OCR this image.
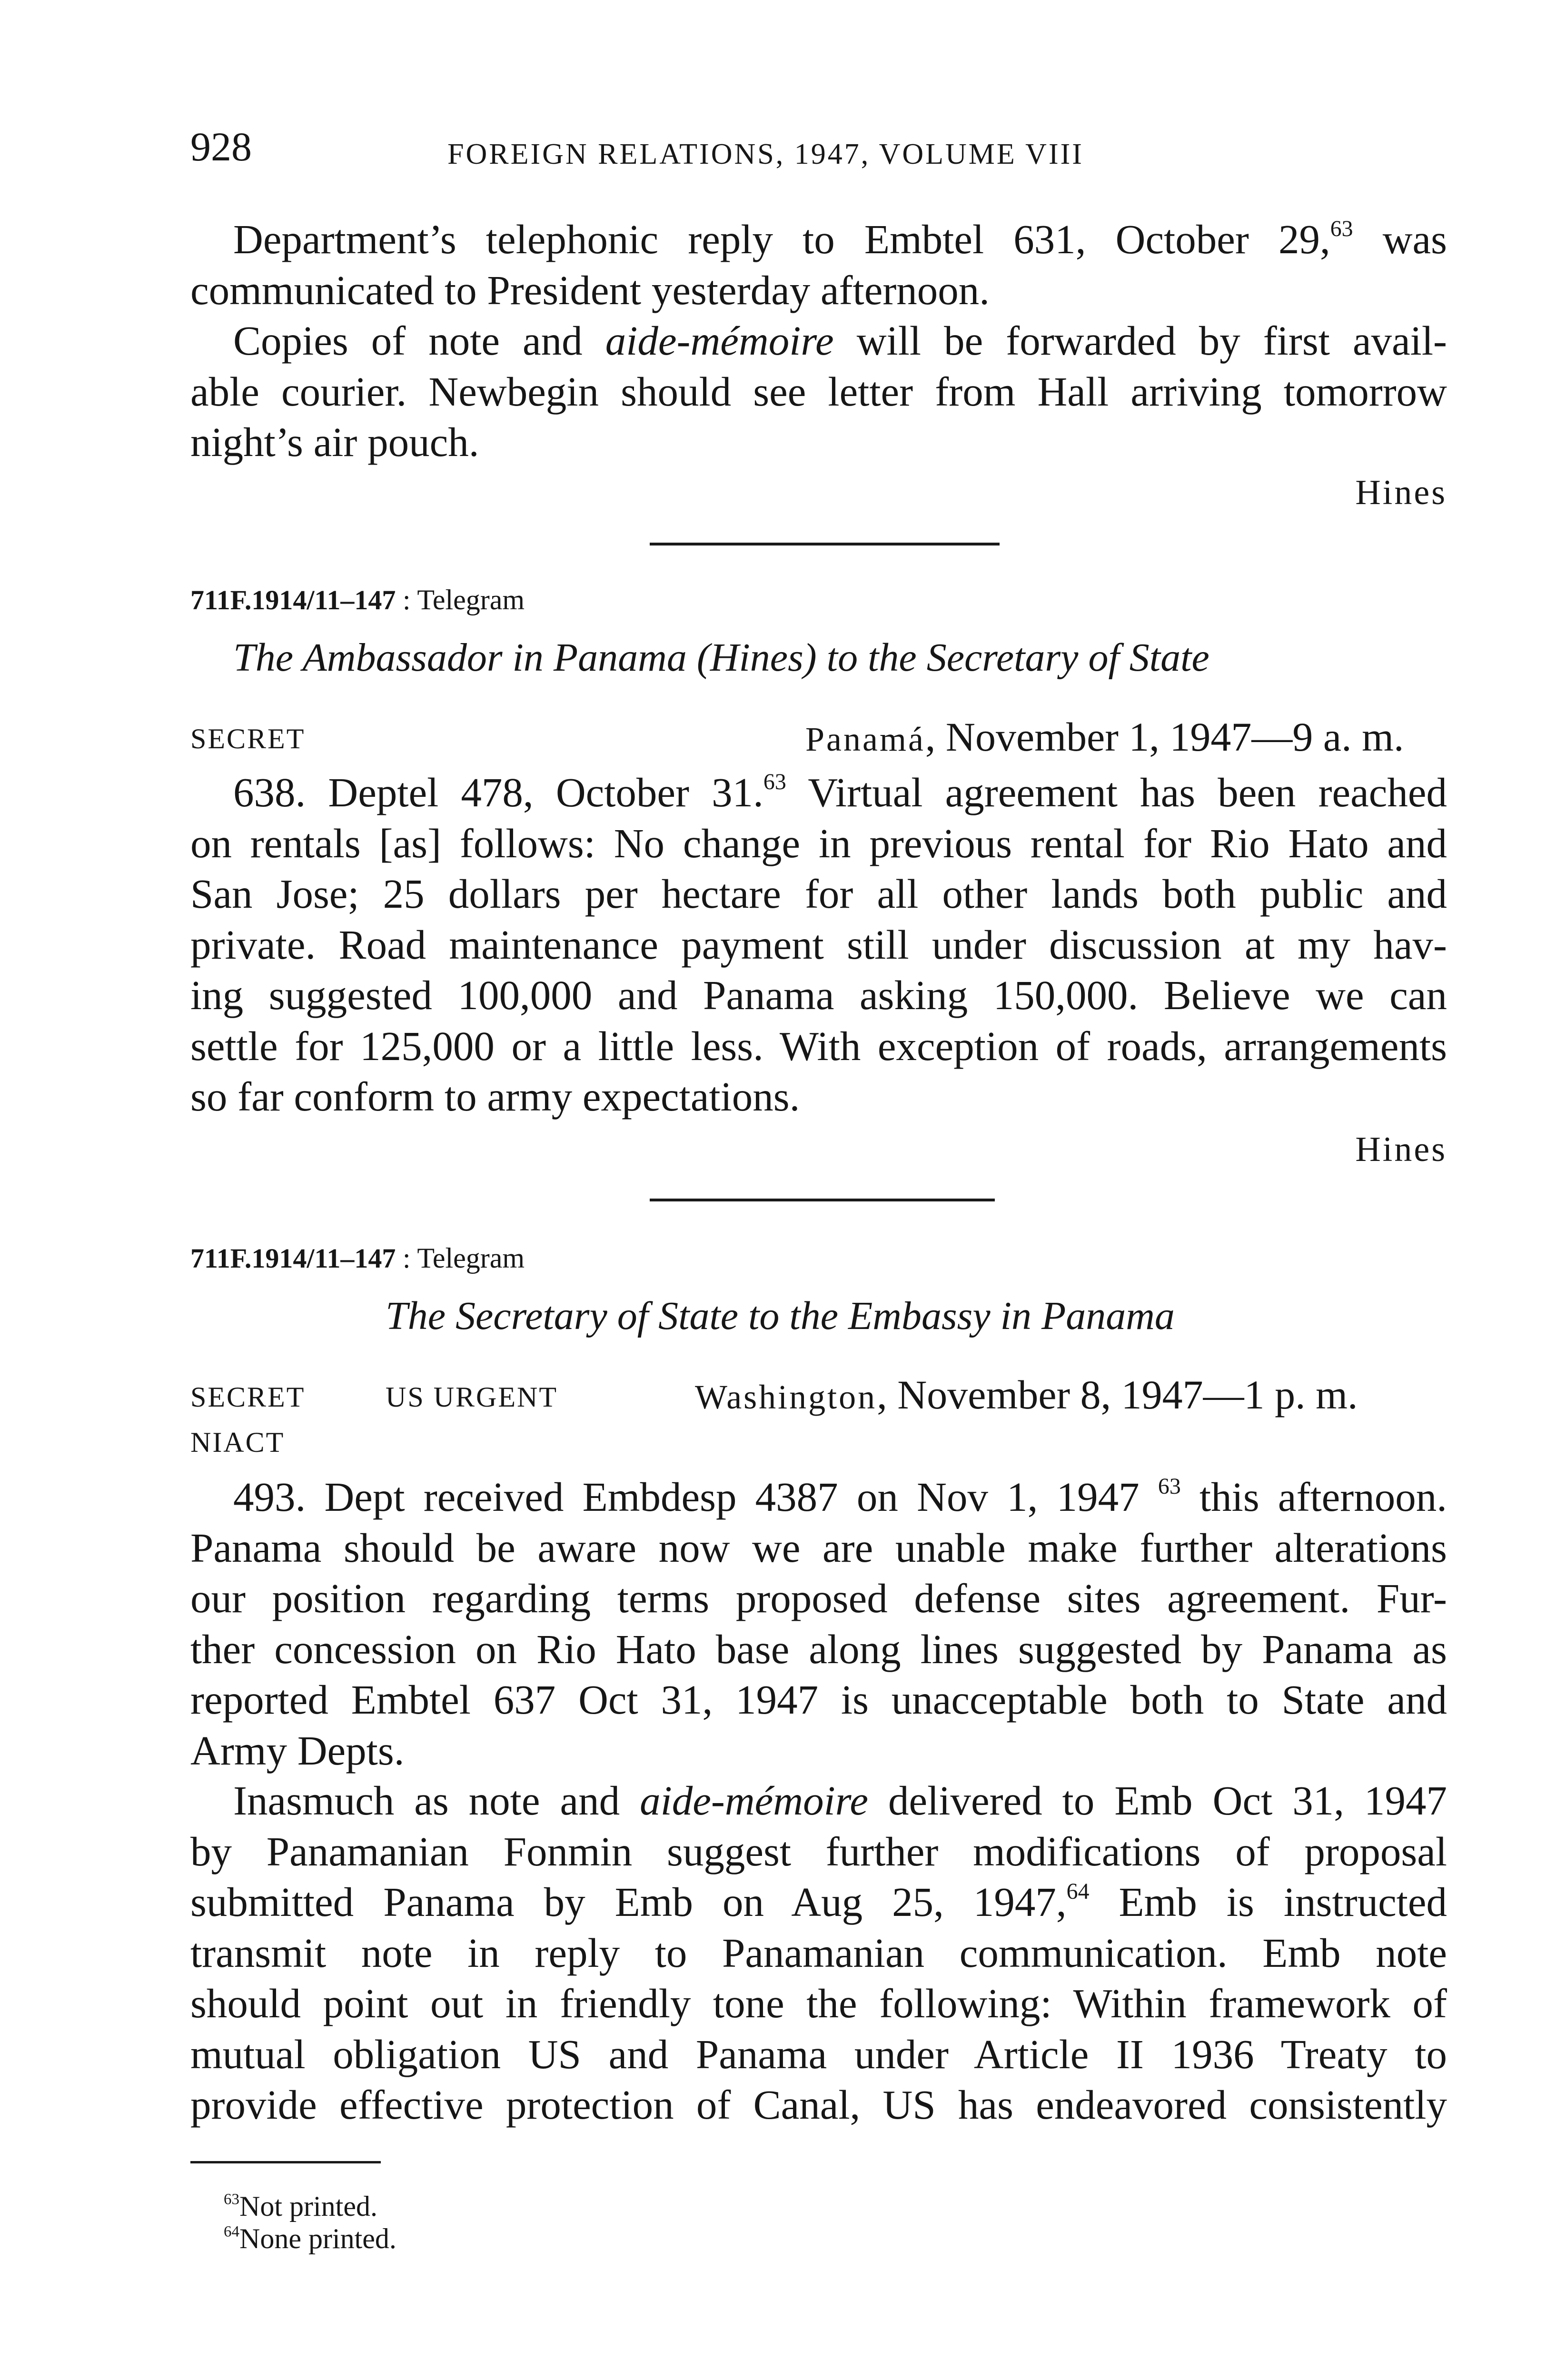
928	FOREIGN RELATIONS, 1947, VOLUME VIII
Department’s telephonic reply to Embtel 631, October 29,63 was
communicated to President yesterday afternoon.
Copies of note and aide-mémoire will be forwarded by first avail-
able courier. Newbegin should see letter from Hall arriving tomorrow
night’s air pouch.
Hines
711F.1914/11–147 : Telegram
The Ambassador in Panama (Hines) to the Secretary of State
SECRET	Panamá, November 1, 1947—9 a. m.
638. Deptel 478, October 31.63 Virtual agreement has been reached
on rentals [as] follows: No change in previous rental for Rio Hato and
San Jose; 25 dollars per hectare for all other lands both public and
private. Road maintenance payment still under discussion at my hav-
ing suggested 100,000 and Panama asking 150,000. Believe we can
settle for 125,000 or a little less. With exception of roads, arrangements
so far conform to army expectations.
Hines
711F.1914/11–147 : Telegram
The Secretary of State to the Embassy in Panama
SECRET	US URGENT
NIACT
Washington, November 8, 1947—1 p. m.
493. Dept received Embdesp 4387 on Nov 1, 1947 $^{63}$ this afternoon.
Panama should be aware now we are unable make further alterations
our position regarding terms proposed defense sites agreement. Fur-
ther concession on Rio Hato base along lines suggested by Panama as
reported Embtel 637 Oct 31, 1947 is unacceptable both to State and
Army Depts.
Inasmuch as note and aide-mémoire delivered to Emb Oct 31, 1947
by Panamanian Fonmin suggest further modifications of proposal
submitted Panama by Emb on Aug 25, 1947,64 Emb is instructed
transmit note in reply to Panamanian communication. Emb note
should point out in friendly tone the following: Within framework of
mutual obligation US and Panama under Article II 1936 Treaty to
provide effective protection of Canal, US has endeavored consistently
$^{63}$Not printed.
$^{64}$None printed.
